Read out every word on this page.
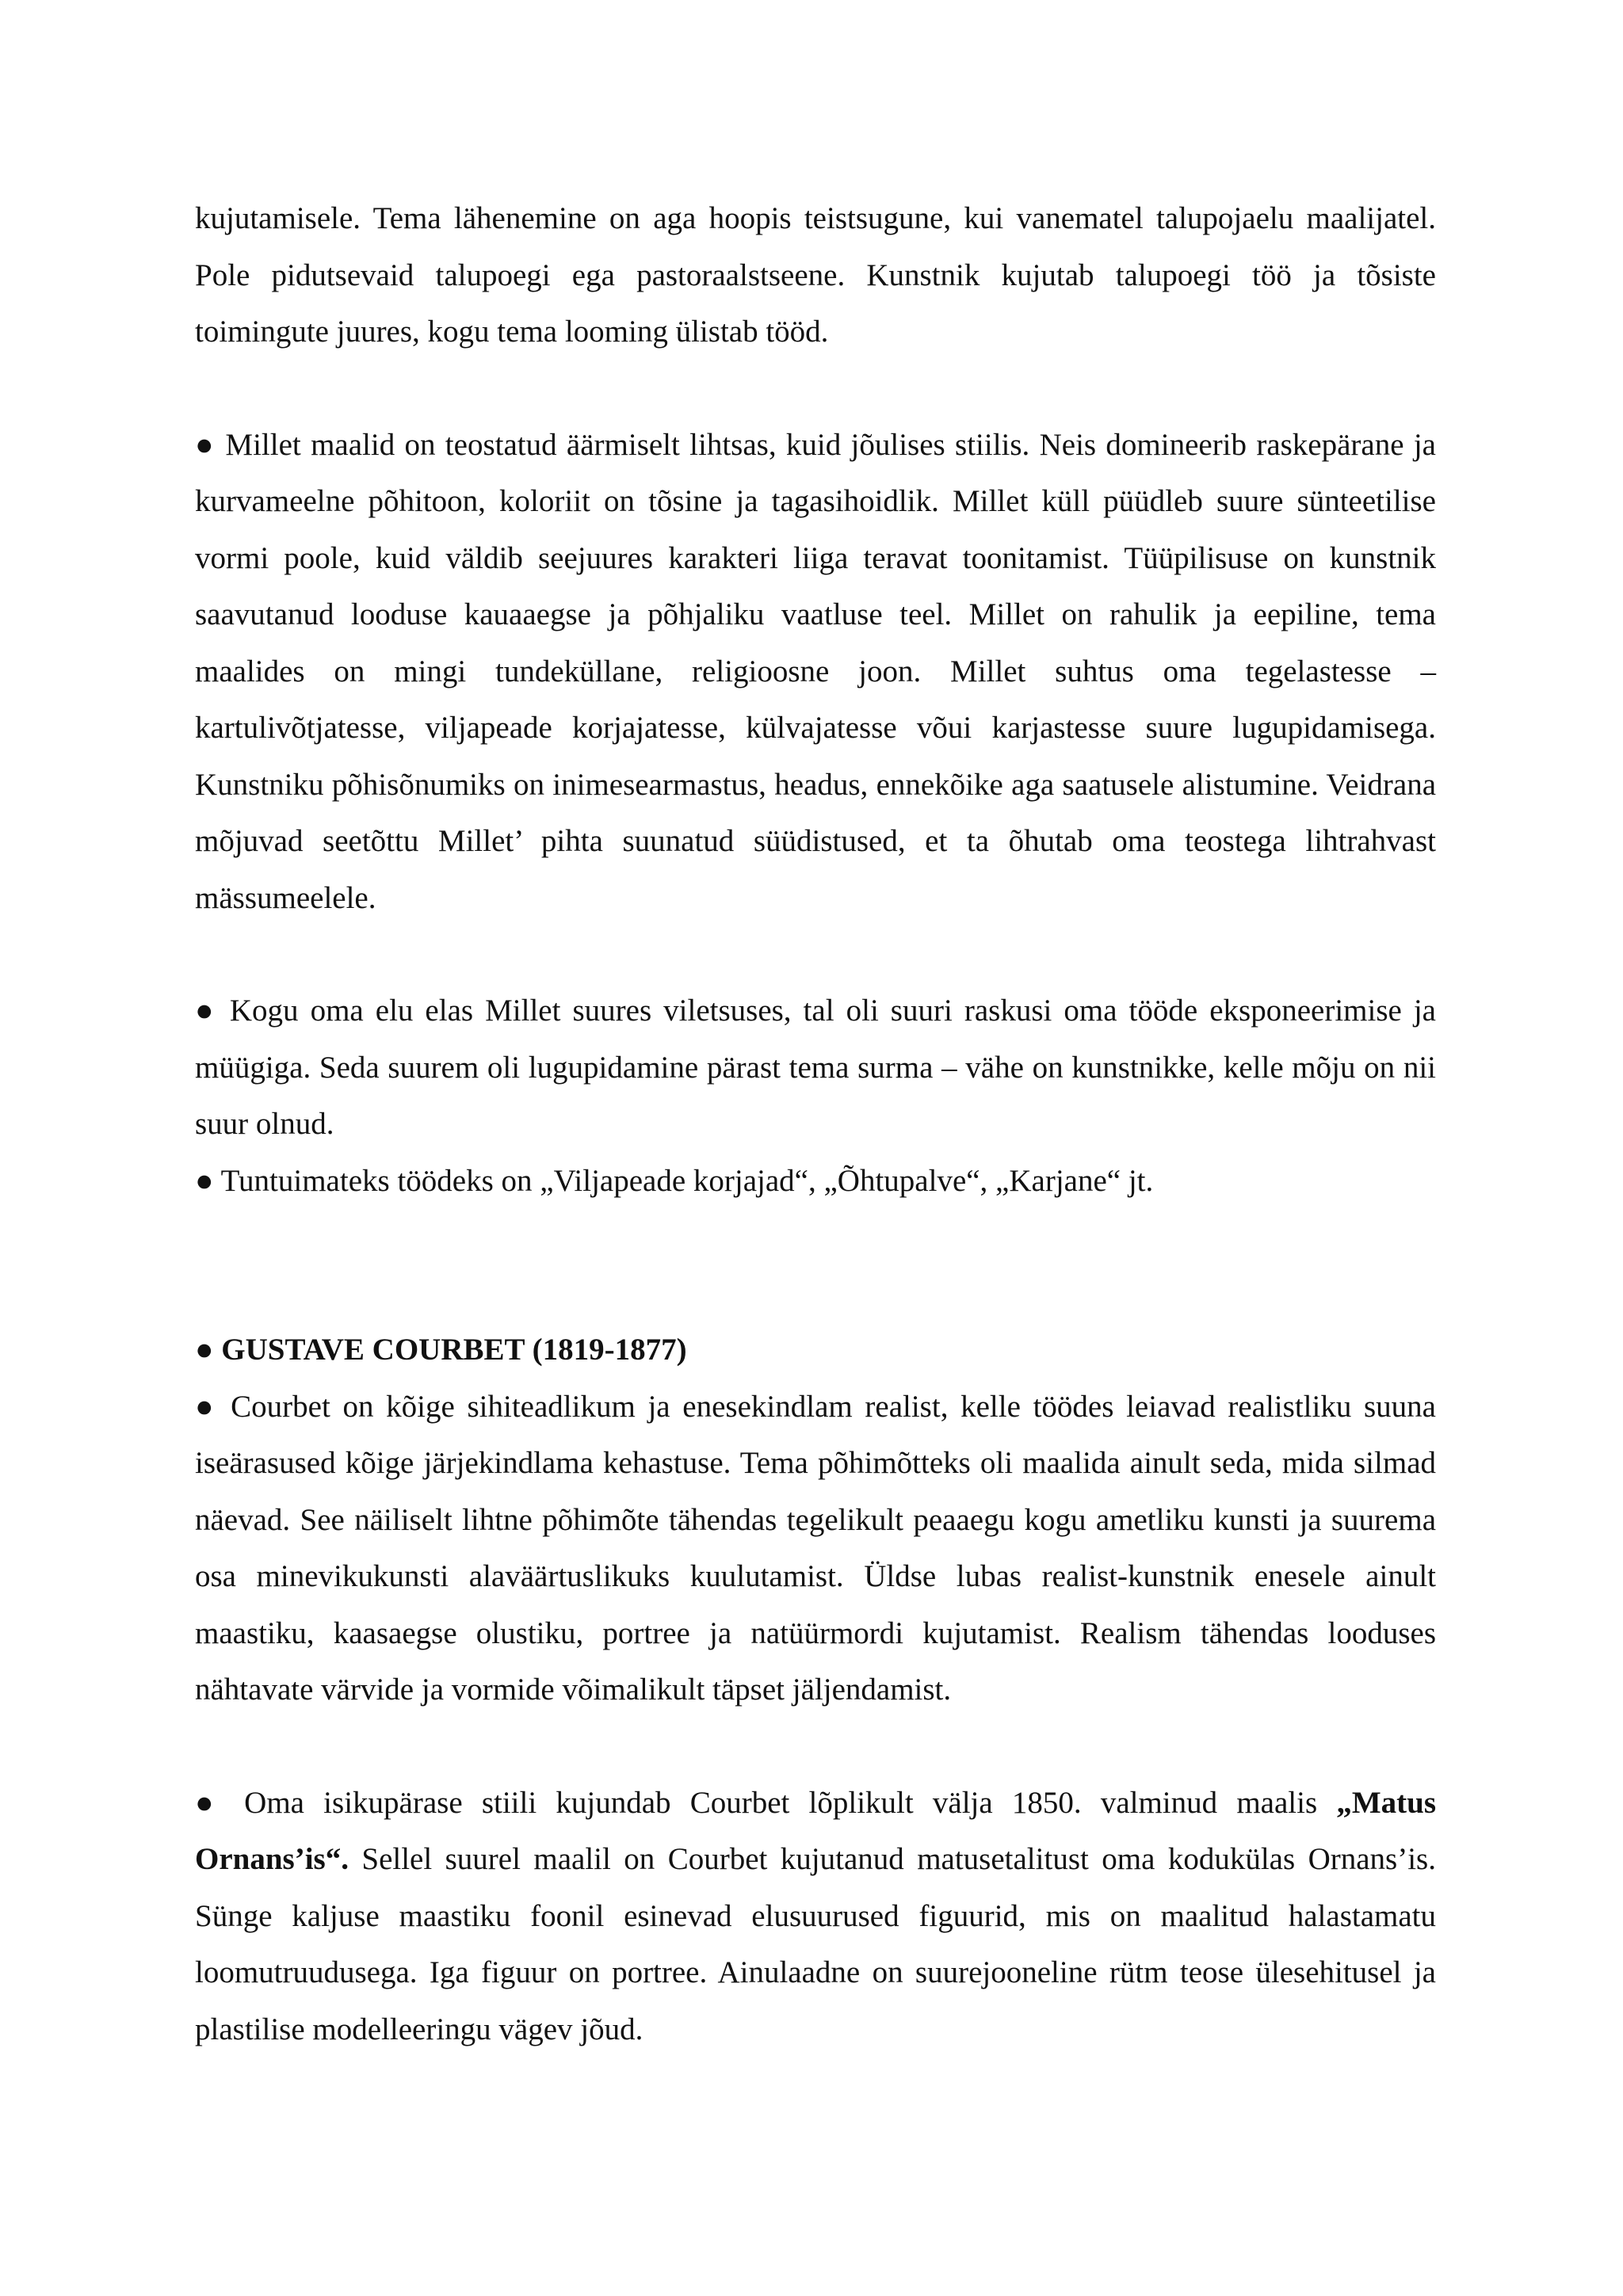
kujutamisele. Tema lähenemine on aga hoopis teistsugune, kui vanematel talupojaelu maalijatel. Pole pidutsevaid talupoegi ega pastoraalstseene. Kunstnik kujutab talupoegi töö ja tõsiste toimingute juures, kogu tema looming ülistab tööd.

● Millet maalid on teostatud äärmiselt lihtsas, kuid jõulises stiilis. Neis domineerib raskepärane ja kurvameelne põhitoon, koloriit on tõsine ja tagasihoidlik. Millet küll püüdleb suure sünteetilise vormi poole, kuid väldib seejuures karakteri liiga teravat toonitamist. Tüüpilisuse on kunstnik saavutanud looduse kauaaegse ja põhjaliku vaatluse teel. Millet on rahulik ja eepiline, tema maalides on mingi tundeküllane, religioosne joon. Millet suhtus oma tegelastesse – kartulivõtjatesse, viljapeade korjajatesse, külvajatesse võui karjastesse suure lugupidamisega. Kunstniku põhisõnumiks on inimesearmastus, headus, ennekõike aga saatusele alistumine. Veidrana mõjuvad seetõttu Millet’ pihta suunatud süüdistused, et ta õhutab oma teostega lihtrahvast mässumeelele.

● Kogu oma elu elas Millet suures viletsuses, tal oli suuri raskusi oma tööde eksponeerimise ja müügiga. Seda suurem oli lugupidamine pärast tema surma – vähe on kunstnikke, kelle mõju on nii suur olnud.

● Tuntuimateks töödeks on „Viljapeade korjajad“, „Õhtupalve“, „Karjane“ jt.

● GUSTAVE COURBET (1819-1877)

● Courbet on kõige sihiteadlikum ja enesekindlam realist, kelle töödes leiavad realistliku suuna iseärasused kõige järjekindlama kehastuse. Tema põhimõtteks oli maalida ainult seda, mida silmad näevad. See näiliselt lihtne põhimõte tähendas tegelikult peaaegu kogu ametliku kunsti ja suurema osa minevikukunsti alaväärtuslikuks kuulutamist. Üldse lubas realist-kunstnik enesele ainult maastiku, kaasaegse olustiku, portree ja natüürmordi kujutamist. Realism tähendas looduses nähtavate värvide ja vormide võimalikult täpset jäljendamist.

● Oma isikupärase stiili kujundab Courbet lõplikult välja 1850. valminud maalis „Matus Ornans’is“. Sellel suurel maalil on Courbet kujutanud matusetalitust oma kodukülas Ornans’is. Sünge kaljuse maastiku foonil esinevad elusuurused figuurid, mis on maalitud halastamatu loomutruudusega. Iga figuur on portree. Ainulaadne on suurejooneline rütm teose ülesehitusel ja plastilise modelleeringu vägev jõud.
